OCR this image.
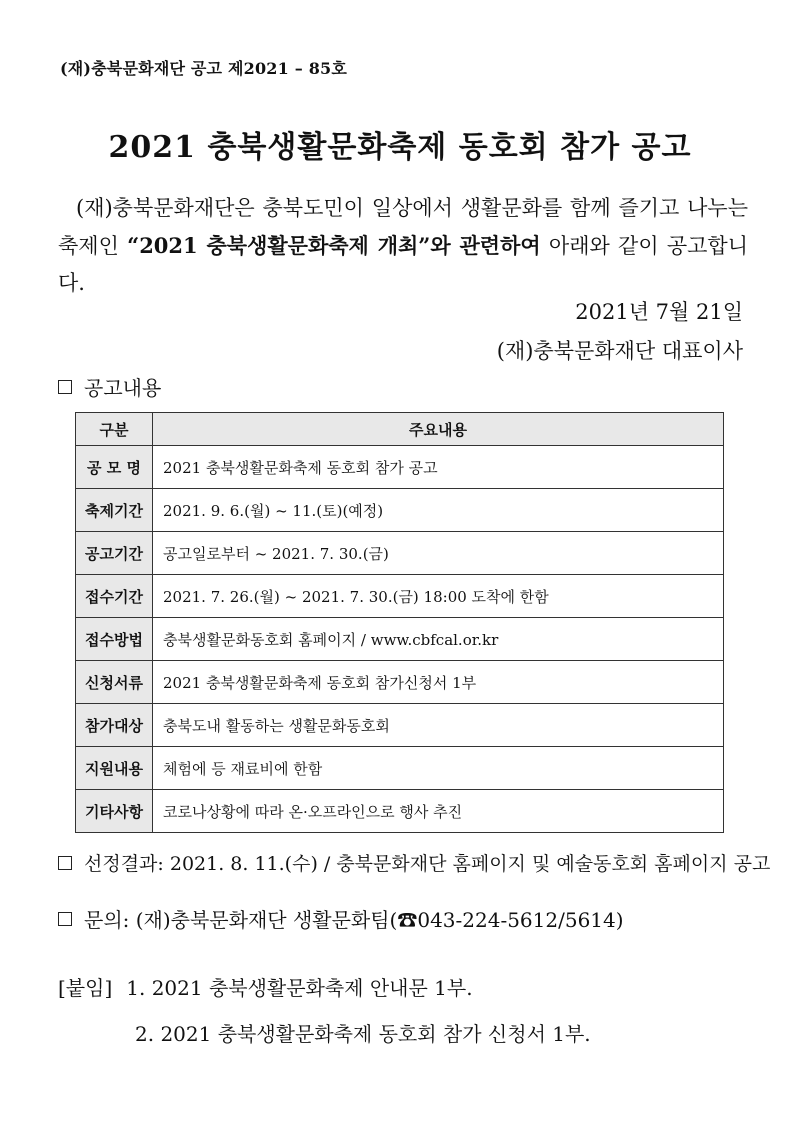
(재)충북문화재단 공고 제2021 – 85호
2021 충북생활문화축제 동호회 참가 공고
(재)충북문화재단은 충북도민이 일상에서 생활문화를 함께 즐기고 나누는 축제인 “2021 충북생활문화축제 개최”와 관련하여 아래와 같이 공고합니다.
2021년 7월 21일
(재)충북문화재단 대표이사
공고내용
구분	주요내용
공 모 명	2021 충북생활문화축제 동호회 참가 공고
축제기간	2021. 9. 6.(월) ~ 11.(토)(예정)
공고기간	공고일로부터 ~ 2021. 7. 30.(금)
접수기간	2021. 7. 26.(월) ~ 2021. 7. 30.(금) 18:00 도착에 한함
접수방법	충북생활문화동호회 홈페이지 / www.cbfcal.or.kr
신청서류	2021 충북생활문화축제 동호회 참가신청서 1부
참가대상	충북도내 활동하는 생활문화동호회
지원내용	체험에 등 재료비에 한함
기타사항	코로나상황에 따라 온·오프라인으로 행사 추진
선정결과: 2021. 8. 11.(수) / 충북문화재단 홈페이지 및 예술동호회 홈페이지 공고
문의: (재)충북문화재단 생활문화팀(☎043-224-5612/5614)
[붙임] 1. 2021 충북생활문화축제 안내문 1부.
2. 2021 충북생활문화축제 동호회 참가 신청서 1부.
